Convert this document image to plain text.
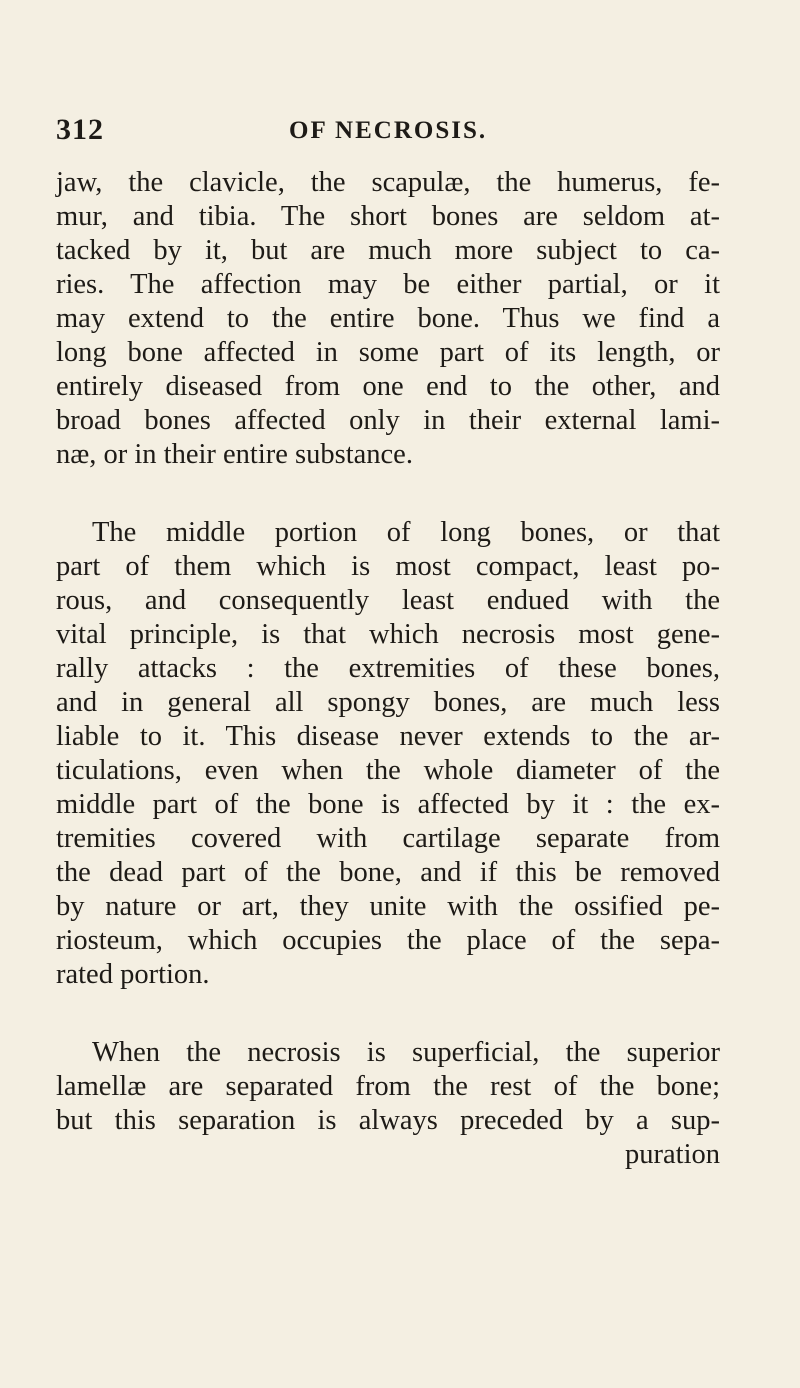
312	OF NECROSIS.
jaw, the clavicle, the scapulæ, the humerus, fe-
mur, and tibia. The short bones are seldom at-
tacked by it, but are much more subject to ca-
ries. The affection may be either partial, or it
may extend to the entire bone. Thus we find a
long bone affected in some part of its length, or
entirely diseased from one end to the other, and
broad bones affected only in their external lami-
næ, or in their entire substance.
The middle portion of long bones, or that
part of them which is most compact, least po-
rous, and consequently least endued with the
vital principle, is that which necrosis most gene-
rally attacks : the extremities of these bones,
and in general all spongy bones, are much less
liable to it. This disease never extends to the ar-
ticulations, even when the whole diameter of the
middle part of the bone is affected by it : the ex-
tremities covered with cartilage separate from
the dead part of the bone, and if this be removed
by nature or art, they unite with the ossified pe-
riosteum, which occupies the place of the sepa-
rated portion.
When the necrosis is superficial, the superior
lamellæ are separated from the rest of the bone;
but this separation is always preceded by a sup-
puration
